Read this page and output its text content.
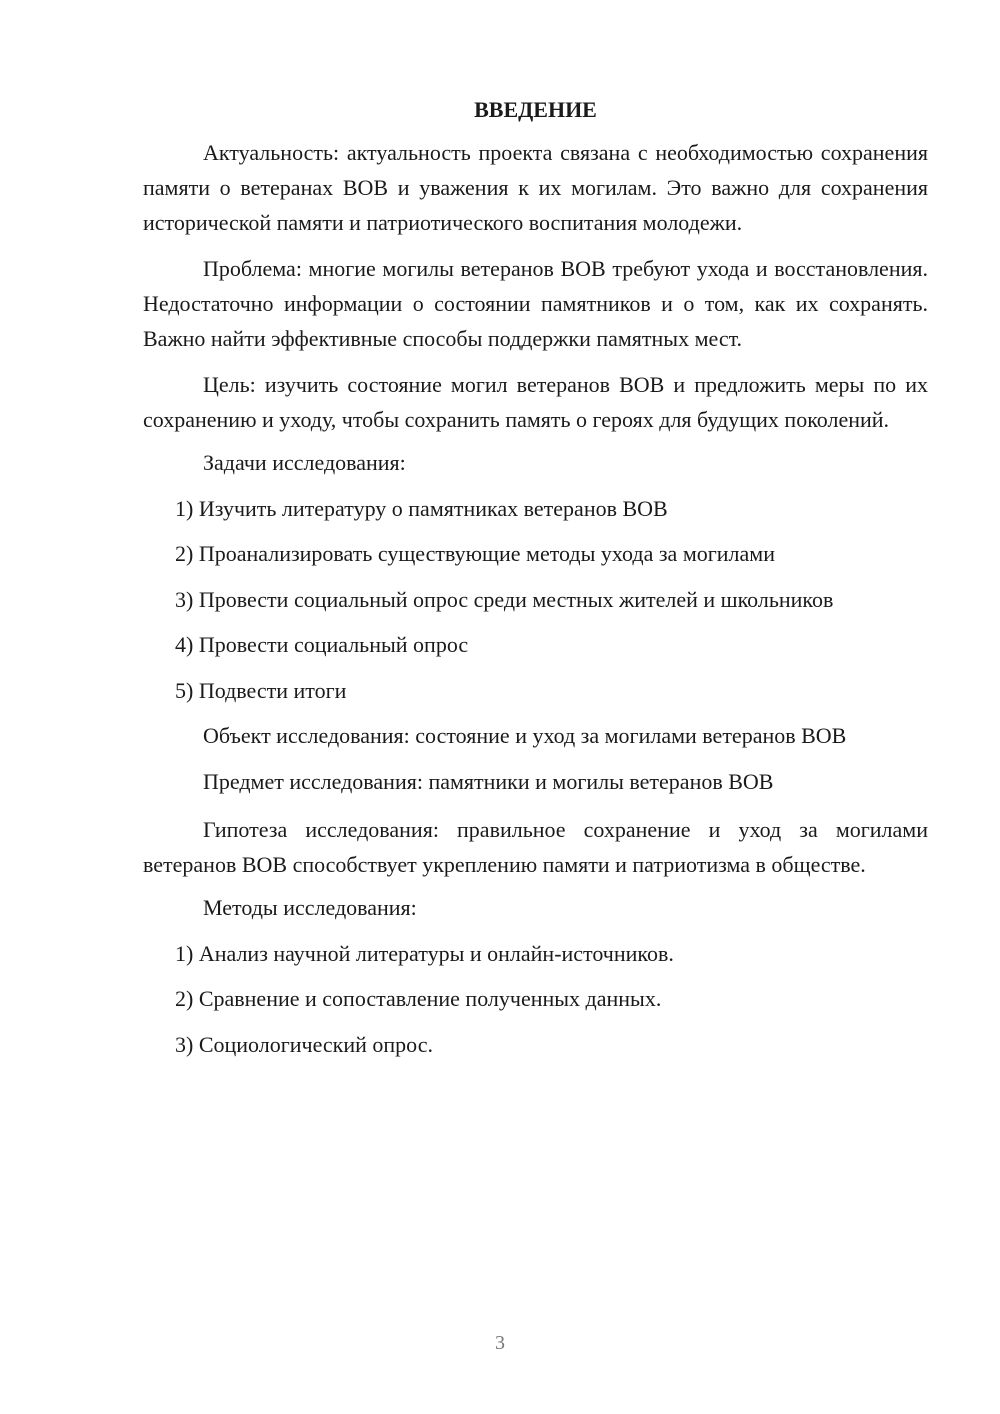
ВВЕДЕНИЕ

Актуальность: актуальность проекта связана с необходимостью сохранения памяти о ветеранах ВОВ и уважения к их могилам. Это важно для сохранения исторической памяти и патриотического воспитания молодежи.

Проблема: многие могилы ветеранов ВОВ требуют ухода и восстановления. Недостаточно информации о состоянии памятников и о том, как их сохранять. Важно найти эффективные способы поддержки памятных мест.

Цель: изучить состояние могил ветеранов ВОВ и предложить меры по их сохранению и уходу, чтобы сохранить память о героях для будущих поколений.

Задачи исследования:
1) Изучить литературу о памятниках ветеранов ВОВ
2) Проанализировать существующие методы ухода за могилами
3) Провести социальный опрос среди местных жителей и школьников
4) Провести социальный опрос
5) Подвести итоги
Объект исследования: состояние и уход за могилами ветеранов ВОВ
Предмет исследования: памятники и могилы ветеранов ВОВ

Гипотеза исследования: правильное сохранение и уход за могилами ветеранов ВОВ способствует укреплению памяти и патриотизма в обществе.

Методы исследования:
1) Анализ научной литературы и онлайн-источников.
2) Сравнение и сопоставление полученных данных.
3) Социологический опрос.
3
